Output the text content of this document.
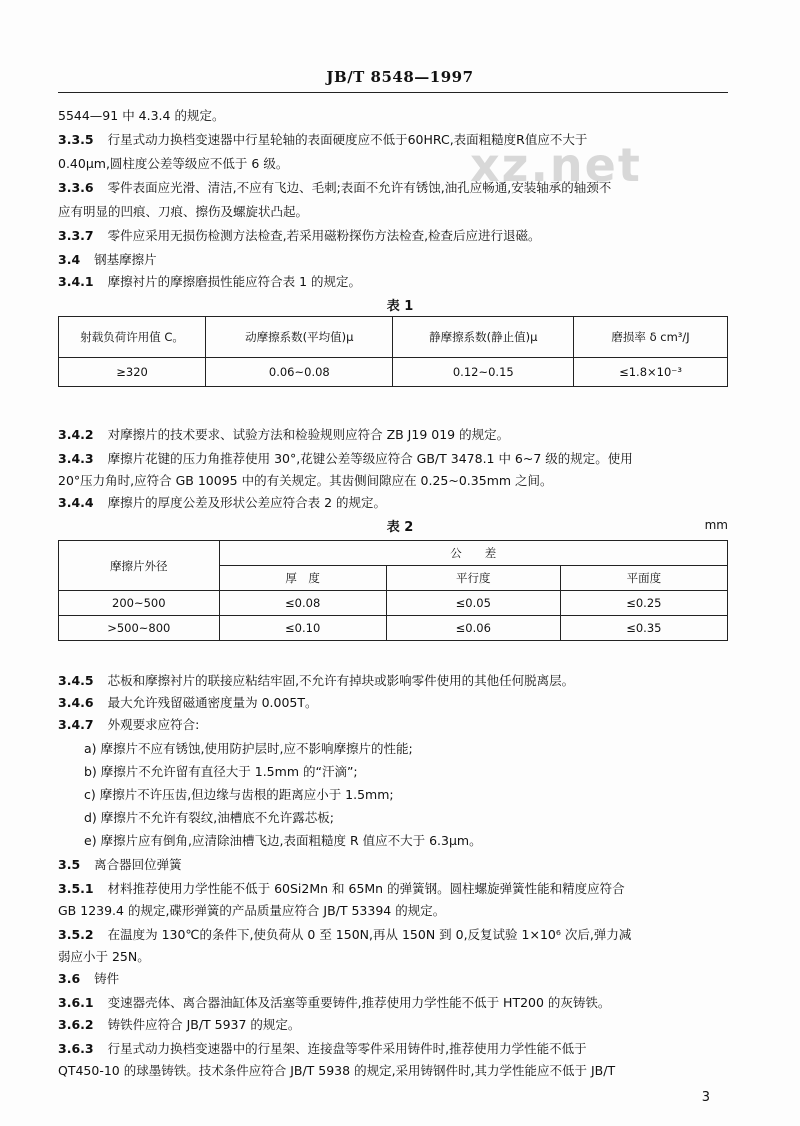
JB/T 8548—1997
xz.net
5544—91 中 4.3.4 的规定。
3.3.5 行星式动力换档变速器中行星轮轴的表面硬度应不低于60HRC,表面粗糙度R值应不大于
0.40μm,圆柱度公差等级应不低于 6 级。
3.3.6 零件表面应光滑、清洁,不应有飞边、毛刺;表面不允许有锈蚀,油孔应畅通,安装轴承的轴颈不
应有明显的凹痕、刀痕、擦伤及螺旋状凸起。
3.3.7 零件应采用无损伤检测方法检查,若采用磁粉探伤方法检查,检查后应进行退磁。
3.4 钢基摩擦片
3.4.1 摩擦衬片的摩擦磨损性能应符合表 1 的规定。
表 1
射载负荷许用值 C。	动摩擦系数(平均值)μ	静摩擦系数(静止值)μ	磨损率 δ cm³/J
≥320	0.06~0.08	0.12~0.15	≤1.8×10⁻³
3.4.2 对摩擦片的技术要求、试验方法和检验规则应符合 ZB J19 019 的规定。
3.4.3 摩擦片花键的压力角推荐使用 30°,花键公差等级应符合 GB/T 3478.1 中 6~7 级的规定。使用
20°压力角时,应符合 GB 10095 中的有关规定。其齿侧间隙应在 0.25~0.35mm 之间。
3.4.4 摩擦片的厚度公差及形状公差应符合表 2 的规定。
表 2	mm
摩擦片外径	公　　差		
	厚　度	平行度	平面度
200~500	≤0.08	≤0.05	≤0.25
>500~800	≤0.10	≤0.06	≤0.35
3.4.5 芯板和摩擦衬片的联接应粘结牢固,不允许有掉块或影响零件使用的其他任何脱离层。
3.4.6 最大允许残留磁通密度量为 0.005T。
3.4.7 外观要求应符合:
a) 摩擦片不应有锈蚀,使用防护层时,应不影响摩擦片的性能;
b) 摩擦片不允许留有直径大于 1.5mm 的“汗滴”;
c) 摩擦片不许压齿,但边缘与齿根的距离应小于 1.5mm;
d) 摩擦片不允许有裂纹,油槽底不允许露芯板;
e) 摩擦片应有倒角,应清除油槽飞边,表面粗糙度 R 值应不大于 6.3μm。
3.5 离合器回位弹簧
3.5.1 材料推荐使用力学性能不低于 60Si2Mn 和 65Mn 的弹簧钢。圆柱螺旋弹簧性能和精度应符合
GB 1239.4 的规定,碟形弹簧的产品质量应符合 JB/T 53394 的规定。
3.5.2 在温度为 130℃的条件下,使负荷从 0 至 150N,再从 150N 到 0,反复试验 1×10⁶ 次后,弹力减
弱应小于 25N。
3.6 铸件
3.6.1 变速器壳体、离合器油缸体及活塞等重要铸件,推荐使用力学性能不低于 HT200 的灰铸铁。
3.6.2 铸铁件应符合 JB/T 5937 的规定。
3.6.3 行星式动力换档变速器中的行星架、连接盘等零件采用铸件时,推荐使用力学性能不低于
QT450-10 的球墨铸铁。技术条件应符合 JB/T 5938 的规定,采用铸钢件时,其力学性能应不低于 JB/T
3
